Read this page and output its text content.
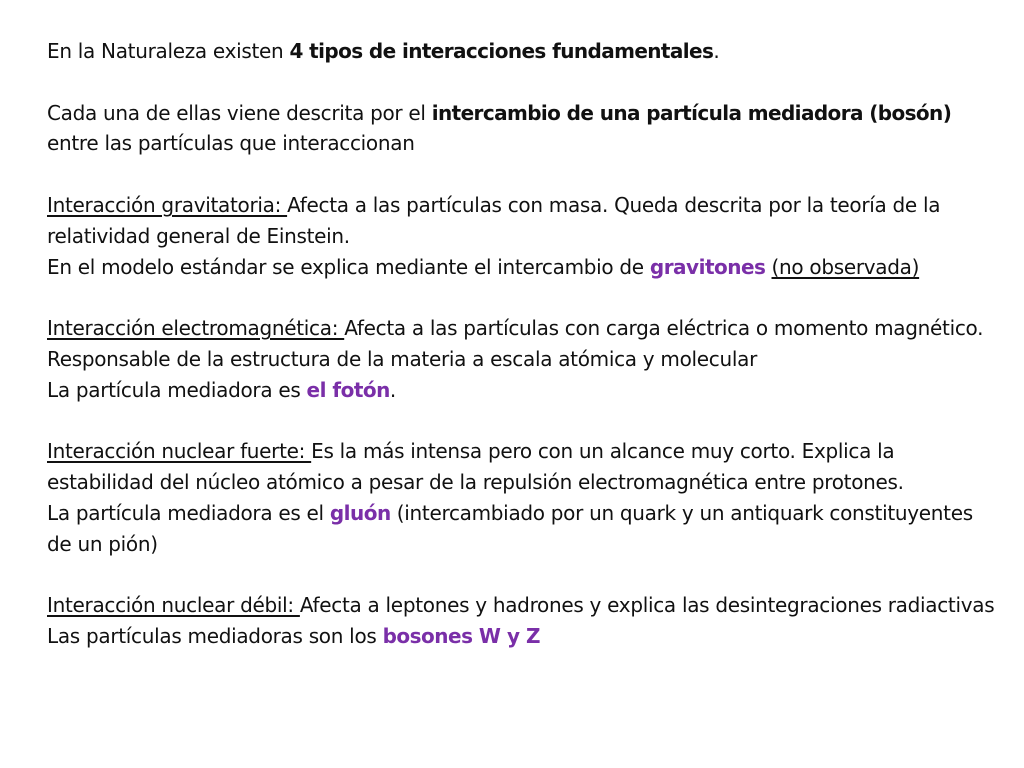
En la Naturaleza existen 4 tipos de interacciones fundamentales.

Cada una de ellas viene descrita por el intercambio de una partícula mediadora (bosón) entre las partículas que interaccionan

Interacción gravitatoria: Afecta a las partículas con masa. Queda descrita por la teoría de la relatividad general de Einstein.

En el modelo estándar se explica mediante el intercambio de gravitones (no observada)

Interacción electromagnética: Afecta a las partículas con carga eléctrica o momento magnético. Responsable de la estructura de la materia a escala atómica y molecular

La partícula mediadora es el fotón.

Interacción nuclear fuerte: Es la más intensa pero con un alcance muy corto. Explica la estabilidad del núcleo atómico a pesar de la repulsión electromagnética entre protones.

La partícula mediadora es el gluón (intercambiado por un quark y un antiquark constituyentes de un pión)

Interacción nuclear débil: Afecta a leptones y hadrones y explica las desintegraciones radiactivas

Las partículas mediadoras son los bosones W y Z
